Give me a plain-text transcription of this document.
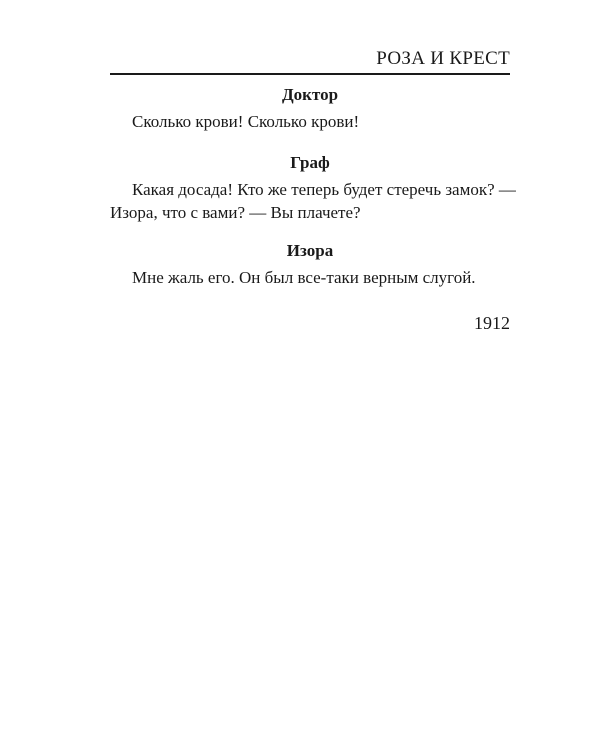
РОЗА И КРЕСТ
Доктор
Сколько крови! Сколько крови!
Граф
Какая досада! Кто же теперь будет стеречь замок? —
Изора, что с вами? — Вы плачете?
Изора
Мне жаль его. Он был все-таки верным слугой.
1912
